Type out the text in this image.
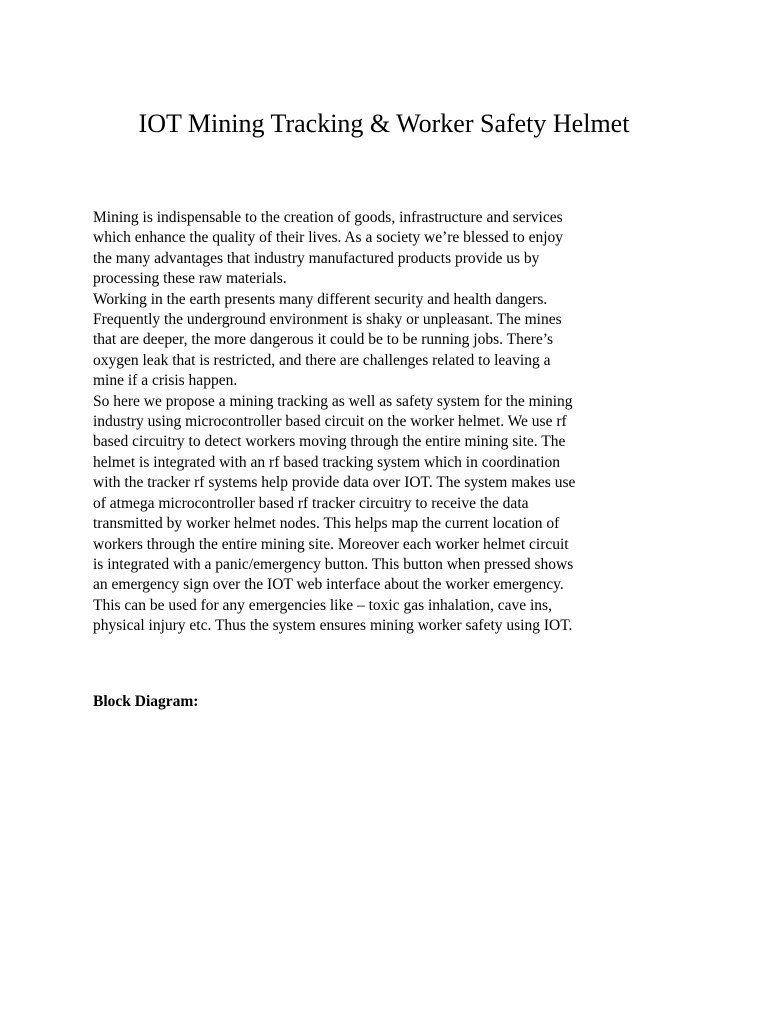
IOT Mining Tracking & Worker Safety Helmet
Mining is indispensable to the creation of goods, infrastructure and services
which enhance the quality of their lives. As a society we’re blessed to enjoy
the many advantages that industry manufactured products provide us by
processing these raw materials.
Working in the earth presents many different security and health dangers.
Frequently the underground environment is shaky or unpleasant. The mines
that are deeper, the more dangerous it could be to be running jobs. There’s
oxygen leak that is restricted, and there are challenges related to leaving a
mine if a crisis happen.
So here we propose a mining tracking as well as safety system for the mining
industry using microcontroller based circuit on the worker helmet. We use rf
based circuitry to detect workers moving through the entire mining site. The
helmet is integrated with an rf based tracking system which in coordination
with the tracker rf systems help provide data over IOT. The system makes use
of atmega microcontroller based rf tracker circuitry to receive the data
transmitted by worker helmet nodes. This helps map the current location of
workers through the entire mining site. Moreover each worker helmet circuit
is integrated with a panic/emergency button. This button when pressed shows
an emergency sign over the IOT web interface about the worker emergency.
This can be used for any emergencies like – toxic gas inhalation, cave ins,
physical injury etc. Thus the system ensures mining worker safety using IOT.
Block Diagram:
